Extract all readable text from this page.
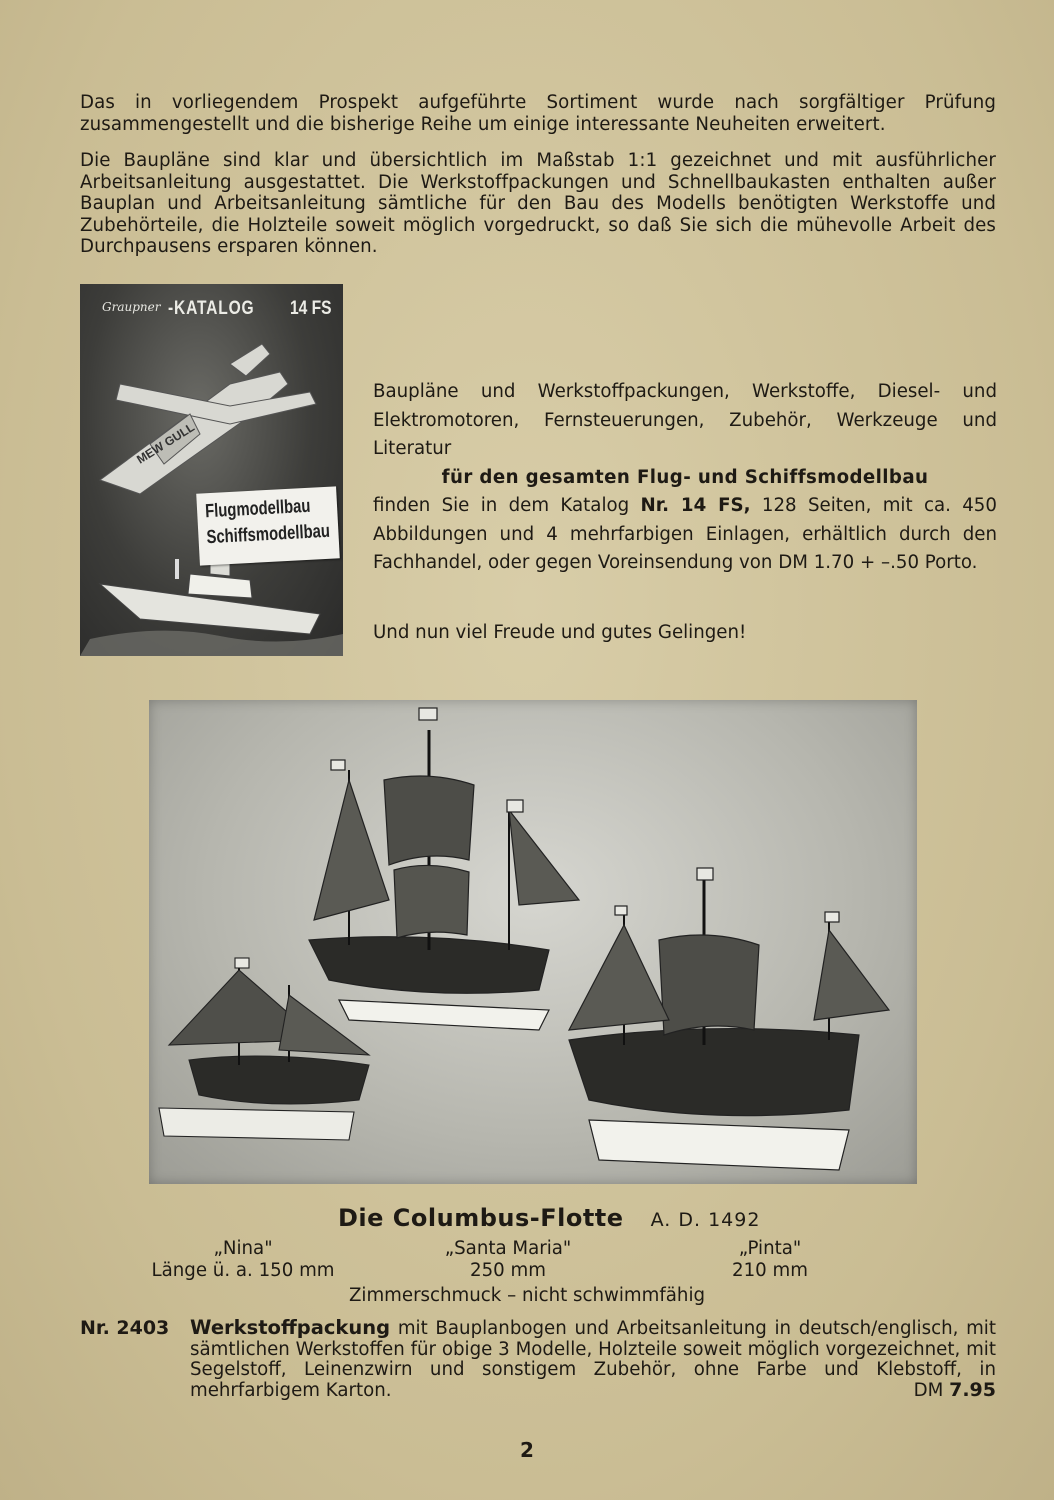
Das in vorliegendem Prospekt aufgeführte Sortiment wurde nach sorgfältiger Prüfung zusammengestellt und die bisherige Reihe um einige interessante Neuheiten erweitert.
Die Baupläne sind klar und übersichtlich im Maßstab 1:1 gezeichnet und mit ausführlicher Arbeitsanleitung ausgestattet. Die Werkstoffpackungen und Schnellbaukasten enthalten außer Bauplan und Arbeitsanleitung sämtliche für den Bau des Modells benötigten Werkstoffe und Zubehörteile, die Holzteile soweit möglich vorgedruckt, so daß Sie sich die mühevolle Arbeit des Durchpausens ersparen können.
Graupner -KATALOG 14 FS
MEW GULL
Flugmodellbau
Schiffsmodellbau

Baupläne und Werkstoffpackungen, Werkstoffe, Diesel- und Elektromotoren, Fernsteuerungen, Zubehör, Werkzeuge und Literatur

für den gesamten Flug- und Schiffsmodellbau

finden Sie in dem Katalog Nr. 14 FS, 128 Seiten, mit ca. 450 Abbildungen und 4 mehrfarbigen Einlagen, erhältlich durch den Fachhandel, oder gegen Voreinsendung von DM 1.70 + –.50 Porto.

Und nun viel Freude und gutes Gelingen!
Die Columbus-Flotte A. D. 1492
„Nina"
Länge ü. a. 150 mm
„Santa Maria"
250 mm
„Pinta"
210 mm
Zimmerschmuck – nicht schwimmfähig
Nr. 2403 Werkstoffpackung mit Bauplanbogen und Arbeitsanleitung in deutsch/englisch, mit sämtlichen Werkstoffen für obige 3 Modelle, Holzteile soweit möglich vorgezeichnet, mit Segelstoff, Leinenzwirn und sonstigem Zubehör, ohne Farbe und Klebstoff, in mehrfarbigem Karton.	DM 7.95
2
